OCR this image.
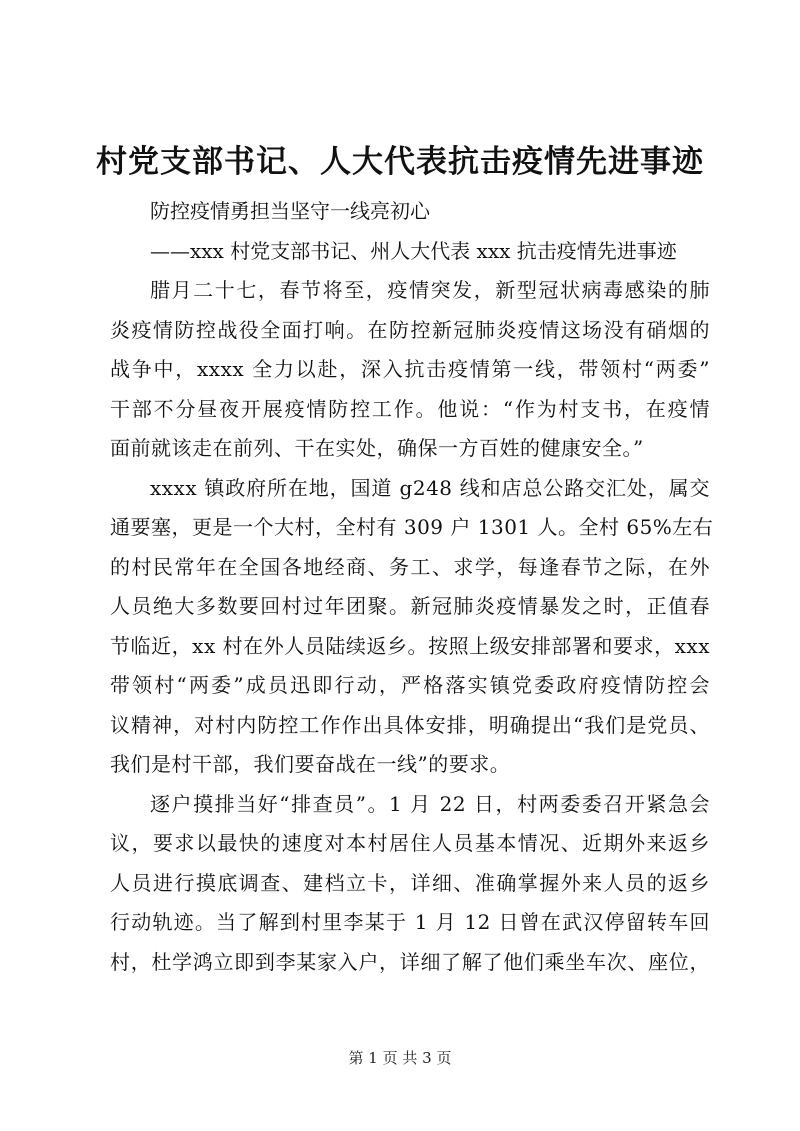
村党支部书记、人大代表抗击疫情先进事迹
防控疫情勇担当坚守一线亮初心
——xxx 村党支部书记、州人大代表 xxx 抗击疫情先进事迹
腊月二十七，春节将至，疫情突发，新型冠状病毒感染的肺
炎疫情防控战役全面打响。在防控新冠肺炎疫情这场没有硝烟的
战争中，xxxx 全力以赴，深入抗击疫情第一线，带领村“两委”
干部不分昼夜开展疫情防控工作。他说：“作为村支书，在疫情
面前就该走在前列、干在实处，确保一方百姓的健康安全。”
xxxx 镇政府所在地，国道 g248 线和店总公路交汇处，属交
通要塞，更是一个大村，全村有 309 户 1301 人。全村 65%左右
的村民常年在全国各地经商、务工、求学，每逢春节之际，在外
人员绝大多数要回村过年团聚。新冠肺炎疫情暴发之时，正值春
节临近，xx 村在外人员陆续返乡。按照上级安排部署和要求，xxx
带领村“两委”成员迅即行动，严格落实镇党委政府疫情防控会
议精神，对村内防控工作作出具体安排，明确提出“我们是党员、
我们是村干部，我们要奋战在一线”的要求。
逐户摸排当好“排查员”。1 月 22 日，村两委委召开紧急会
议，要求以最快的速度对本村居住人员基本情况、近期外来返乡
人员进行摸底调查、建档立卡，详细、准确掌握外来人员的返乡
行动轨迹。当了解到村里李某于 1 月 12 日曾在武汉停留转车回
村，杜学鸿立即到李某家入户，详细了解了他们乘坐车次、座位，
第 1 页 共 3 页
